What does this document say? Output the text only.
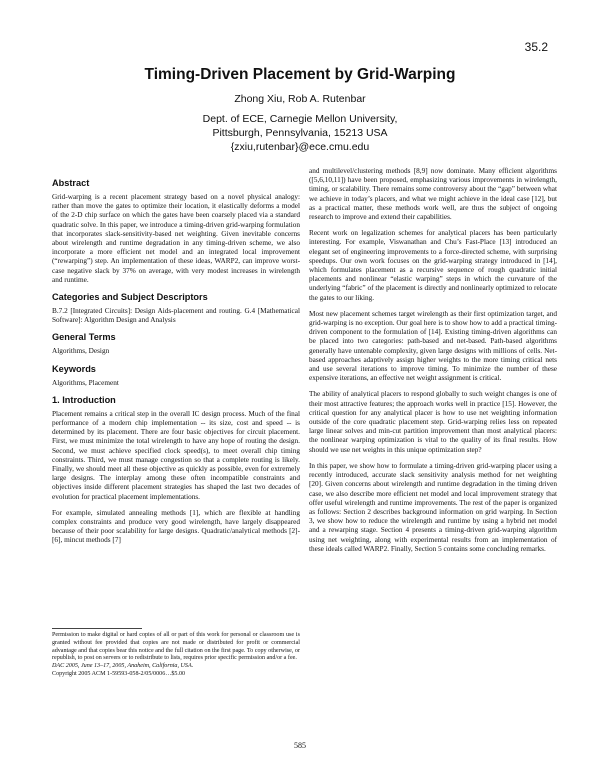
35.2
Timing-Driven Placement by Grid-Warping
Zhong Xiu, Rob A. Rutenbar
Dept. of ECE, Carnegie Mellon University,
Pittsburgh, Pennsylvania, 15213 USA
{zxiu,rutenbar}@ece.cmu.edu
Abstract

Grid-warping is a recent placement strategy based on a novel physical analogy: rather than move the gates to optimize their location, it elastically deforms a model of the 2-D chip surface on which the gates have been coarsely placed via a standard quadratic solve. In this paper, we introduce a timing-driven grid-warping formulation that incorporates slack-sensitivity-based net weighting. Given inevitable concerns about wirelength and runtime degradation in any timing-driven scheme, we also incorporate a more efficient net model and an integrated local improvement (“rewarping”) step. An implementation of these ideas, WARP2, can improve worst-case negative slack by 37% on average, with very modest increases in wirelength and runtime.

Categories and Subject Descriptors

B.7.2 [Integrated Circuits]: Design Aids-placement and routing. G.4 [Mathematical Software]: Algorithm Design and Analysis

General Terms

Algorithms, Design

Keywords

Algorithms, Placement

1. Introduction

Placement remains a critical step in the overall IC design process. Much of the final performance of a modern chip implementation -- its size, cost and speed -- is determined by its placement. There are four basic objectives for circuit placement. First, we must minimize the total wirelength to have any hope of routing the design. Second, we must achieve specified clock speed(s), to meet overall chip timing constraints. Third, we must manage congestion so that a complete routing is likely. Finally, we should meet all these objective as quickly as possible, even for extremely large designs. The interplay among these often incompatible constraints and objectives inside different placement strategies has shaped the last two decades of evolution for practical placement implementations.

For example, simulated annealing methods [1], which are flexible at handling complex constraints and produce very good wirelength, have largely disappeared because of their poor scalability for large designs. Quadratic/analytical methods [2]-[6], mincut methods [7]

Permission to make digital or hard copies of all or part of this work for personal or classroom use is granted without fee provided that copies are not made or distributed for profit or commercial advantage and that copies bear this notice and the full citation on the first page. To copy otherwise, or republish, to post on servers or to redistribute to lists, requires prior specific permission and/or a fee.
DAC 2005, June 13–17, 2005, Anaheim, California, USA.
Copyright 2005 ACM 1-59593-058-2/05/0006…$5.00

and multilevel/clustering methods [8,9] now dominate. Many efficient algorithms ([5,6,10,11]) have been proposed, emphasizing various improvements in wirelength, timing, or scalability. There remains some controversy about the “gap” between what we achieve in today’s placers, and what we might achieve in the ideal case [12], but as a practical matter, these methods work well, are thus the subject of ongoing research to improve and extend their capabilities.

Recent work on legalization schemes for analytical placers has been particularly interesting. For example, Viswanathan and Chu’s Fast-Place [13] introduced an elegant set of engineering improvements to a force-directed scheme, with surprising speedups. Our own work focuses on the grid-warping strategy introduced in [14], which formulates placement as a recursive sequence of rough quadratic initial placements and nonlinear “elastic warping” steps in which the curvature of the underlying “fabric” of the placement is directly and nonlinearly optimized to relocate the gates to our liking.

Most new placement schemes target wirelength as their first optimization target, and grid-warping is no exception. Our goal here is to show how to add a practical timing-driven component to the formulation of [14]. Existing timing-driven algorithms can be placed into two categories: path-based and net-based. Path-based algorithms generally have untenable complexity, given large designs with millions of cells. Net-based approaches adaptively assign higher weights to the more timing critical nets and use several iterations to improve timing. To minimize the number of these expensive iterations, an effective net weight assignment is critical.

The ability of analytical placers to respond globally to such weight changes is one of their most attractive features; the approach works well in practice [15]. However, the critical question for any analytical placer is how to use net weighting information outside of the core quadratic placement step. Grid-warping relies less on repeated large linear solves and min-cut partition improvement than most analytical placers: the nonlinear warping optimization is vital to the quality of its final results. How should we use net weights in this unique optimization step?

In this paper, we show how to formulate a timing-driven grid-warping placer using a recently introduced, accurate slack sensitivity analysis method for net weighting [20]. Given concerns about wirelength and runtime degradation in the timing driven case, we also describe more efficient net model and local improvement strategy that offer useful wirelength and runtime improvements. The rest of the paper is organized as follows: Section 2 describes background information on grid warping. In Section 3, we show how to reduce the wirelength and runtime by using a hybrid net model and a rewarping stage. Section 4 presents a timing-driven grid-warping algorithm using net weighting, along with experimental results from an implementation of these ideals called WARP2. Finally, Section 5 contains some concluding remarks.

585
